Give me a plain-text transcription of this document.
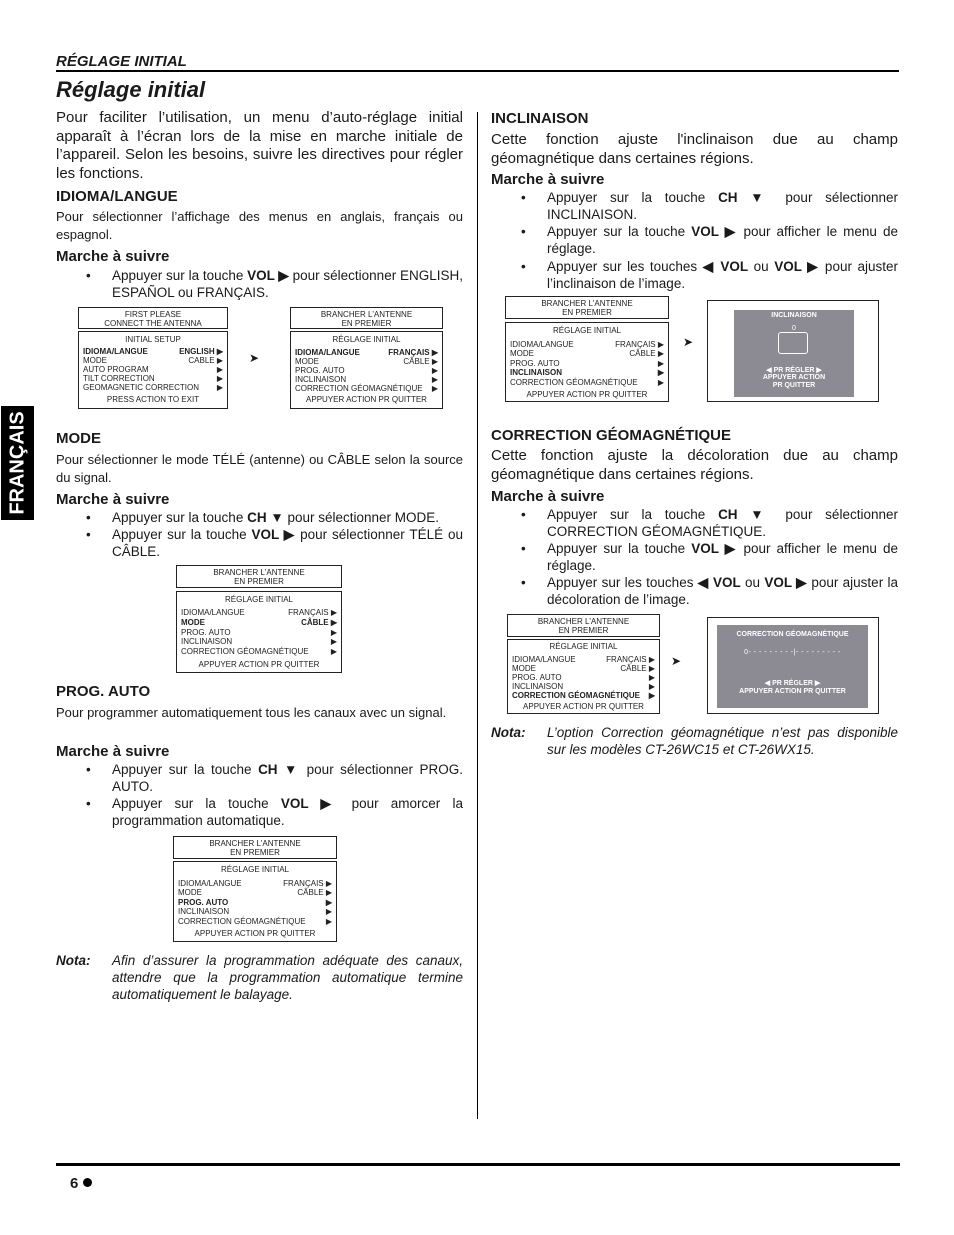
RÉGLAGE INITIAL
Réglage initial
FRANÇAIS
Pour faciliter l’utilisation, un menu d’auto-réglage initial apparaît à l’écran lors de la mise en marche initiale de l’appareil. Selon les besoins, suivre les directives pour régler les fonctions.
IDIOMA/LANGUE
Pour sélectionner l’affichage des menus en anglais, français ou espagnol.
Marche à suivre
• Appuyer sur la touche VOL ▶ pour sélectionner ENGLISH, ESPAÑOL ou FRANÇAIS.
FIRST PLEASE
CONNECT THE ANTENNA
INITIAL SETUP
IDIOMA/LANGUE	ENGLISH ▶
MODE	CABLE ▶
AUTO PROGRAM	▶
TILT CORRECTION	▶
GEOMAGNETIC CORRECTION ▶
PRESS ACTION TO EXIT
➤
BRANCHER L'ANTENNE
EN PREMIER
RÉGLAGE INITIAL
IDIOMA/LANGUE	FRANÇAIS ▶
MODE	CÂBLE ▶
PROG. AUTO	▶
INCLINAISON	▶
CORRECTION GÉOMAGNÉTIQUE ▶
APPUYER ACTION PR QUITTER
MODE
Pour sélectionner le mode TÉLÉ (antenne) ou CÂBLE selon la source du signal.
Marche à suivre
• Appuyer sur la touche CH ▼ pour sélectionner MODE.
• Appuyer sur la touche VOL ▶ pour sélectionner TÉLÉ ou CÂBLE.
BRANCHER L'ANTENNE
EN PREMIER
RÉGLAGE INITIAL
IDIOMA/LANGUE	FRANÇAIS ▶
MODE	CÂBLE ▶
PROG. AUTO	▶
INCLINAISON	▶
CORRECTION GÉOMAGNÉTIQUE	▶
APPUYER ACTION PR QUITTER
PROG. AUTO
Pour programmer automatiquement tous les canaux avec un signal.
Marche à suivre
• Appuyer sur la touche CH ▼ pour sélectionner PROG. AUTO.
• Appuyer sur la touche VOL ▶ pour amorcer la programmation automatique.
BRANCHER L'ANTENNE
EN PREMIER
RÉGLAGE INITIAL
IDIOMA/LANGUE	FRANÇAIS ▶
MODE	CÂBLE ▶
PROG. AUTO	▶
INCLINAISON	▶
CORRECTION GÉOMAGNÉTIQUE	▶
APPUYER ACTION PR QUITTER
Nota: Afin d’assurer la programmation adéquate des canaux, attendre que la programmation automatique termine automatiquement le balayage.
INCLINAISON
Cette fonction ajuste l'inclinaison due au champ géomagnétique dans certaines régions.
Marche à suivre
• Appuyer sur la touche CH ▼ pour sélectionner INCLINAISON.
• Appuyer sur la touche VOL ▶ pour afficher le menu de réglage.
• Appuyer sur les touches ◀ VOL ou VOL ▶ pour ajuster l’inclinaison de l’image.
BRANCHER L'ANTENNE
EN PREMIER
RÉGLAGE INITIAL
IDIOMA/LANGUE	FRANÇAIS ▶
MODE	CÂBLE ▶
PROG. AUTO	▶
INCLINAISON	▶
CORRECTION GÉOMAGNÉTIQUE	▶
APPUYER ACTION PR QUITTER
➤
INCLINAISON
0
◀ PR RÉGLER ▶
APPUYER ACTION
PR QUITTER
CORRECTION GÉOMAGNÉTIQUE
Cette fonction ajuste la décoloration due au champ géomagnétique dans certaines régions.
Marche à suivre
• Appuyer sur la touche CH ▼ pour sélectionner CORRECTION GÉOMAGNÉTIQUE.
• Appuyer sur la touche VOL ▶ pour afficher le menu de réglage.
• Appuyer sur les touches ◀ VOL ou VOL ▶ pour ajuster la décoloration de l’image.
BRANCHER L'ANTENNE
EN PREMIER
RÉGLAGE INITIAL
IDIOMA/LANGUE	FRANÇAIS ▶
MODE	CÂBLE ▶
PROG. AUTO	▶
INCLINAISON	▶
CORRECTION GÉOMAGNÉTIQUE ▶
APPUYER ACTION PR QUITTER
➤
CORRECTION GÉOMAGNÉTIQUE
0- - - - - - - - -|- - - - - - - - -
◀ PR RÉGLER ▶
APPUYER ACTION PR QUITTER
Nota: L’option Correction géomagnétique n’est pas disponible sur les modèles CT-26WC15 et CT-26WX15.
6
